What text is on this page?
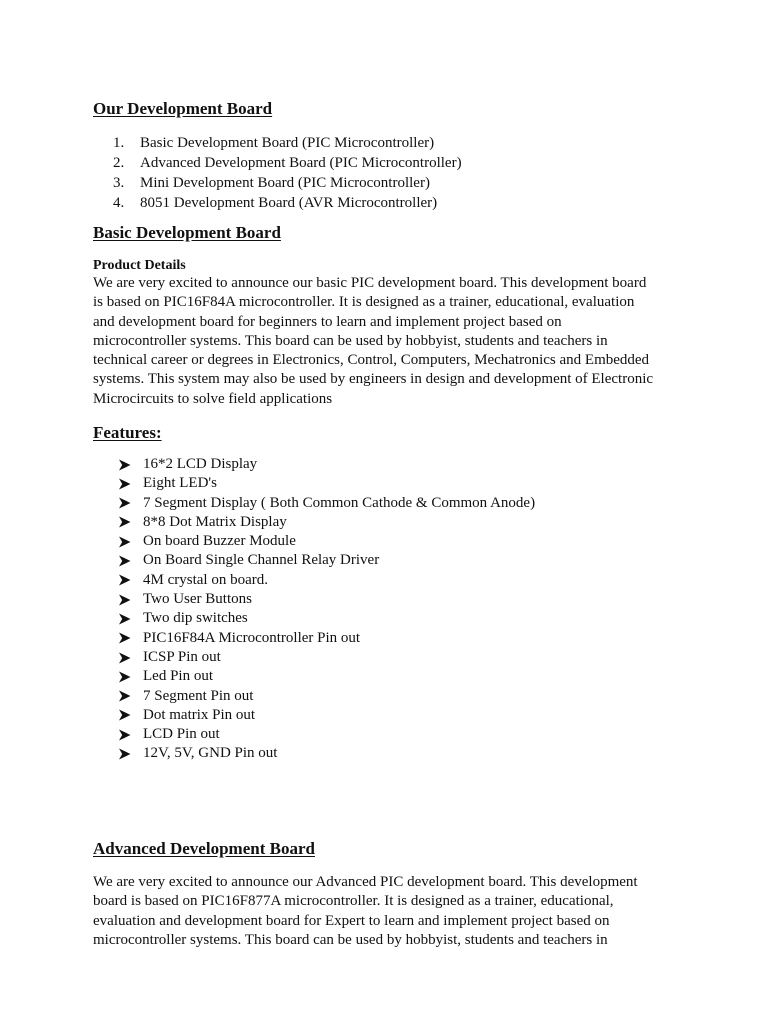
Our Development Board
1. Basic Development Board (PIC Microcontroller)
2. Advanced Development Board (PIC Microcontroller)
3. Mini Development Board (PIC Microcontroller)
4. 8051 Development Board (AVR Microcontroller)
Basic Development Board
Product Details

We are very excited to announce our basic PIC development board. This development board
is based on PIC16F84A microcontroller. It is designed as a trainer, educational, evaluation
and development board for beginners to learn and implement project based on
microcontroller systems. This board can be used by hobbyist, students and teachers in
technical career or degrees in Electronics, Control, Computers, Mechatronics and Embedded
systems. This system may also be used by engineers in design and development of Electronic
Microcircuits to solve field applications

Features:
16*2 LCD Display
Eight LED's
7 Segment Display ( Both Common Cathode & Common Anode)
8*8 Dot Matrix Display
On board Buzzer Module
On Board Single Channel Relay Driver
4M crystal on board.
Two User Buttons
Two dip switches
PIC16F84A Microcontroller Pin out
ICSP Pin out
Led Pin out
7 Segment Pin out
Dot matrix Pin out
LCD Pin out
12V, 5V, GND Pin out
Advanced Development Board

We are very excited to announce our Advanced PIC development board. This development
board is based on PIC16F877A microcontroller. It is designed as a trainer, educational,
evaluation and development board for Expert to learn and implement project based on
microcontroller systems. This board can be used by hobbyist, students and teachers in
